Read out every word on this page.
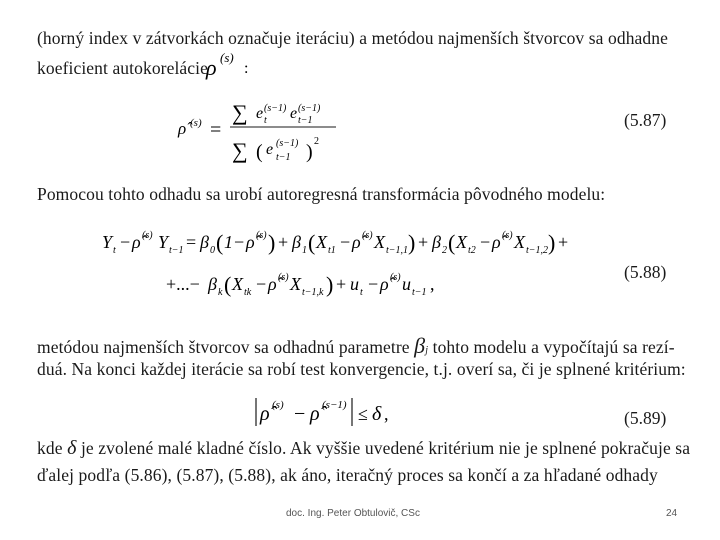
(horný index v zátvorkách označuje iteráciu) a metódou najmenších štvorcov sa odhadne
koeficient autokorelácie
ρ (s)
:
ρ̂ (s) =
∑ e (s−1)
t e (s−1)
t−1
∑ ( e (s−1)
t−1 ) 2
(5.87)
Pomocou tohto odhadu sa urobí autoregresná transformácia pôvodného modelu:
Y t − ρ̂ (s) Y t−1 = β 0 ( 1 − ρ̂ (s) ) + β 1 ( X t1 − ρ̂ (s) X t−1,1 ) + β 2 ( X t2 − ρ̂ (s) X t−1,2 ) +
+...− β k ( X tk − ρ̂ (s) X t−1,k ) + u t − ρ̂ (s) u t−1 ,
(5.88)
metódou najmenších štvorcov sa odhadnú parametre βj tohto modelu a vypočítajú sa rezí-
duá. Na konci každej iterácie sa robí test konvergencie, t.j. overí sa, či je splnené kritérium:
ρ̂ (s) − ρ̂ (s−1) ≤ δ ,	(5.89)
kde δ je zvolené malé kladné číslo. Ak vyššie uvedené kritérium nie je splnené pokračuje sa
ďalej podľa (5.86), (5.87), (5.88), ak áno, iteračný proces sa končí a za hľadané odhady
doc. Ing. Peter Obtulovič, CSc	24
